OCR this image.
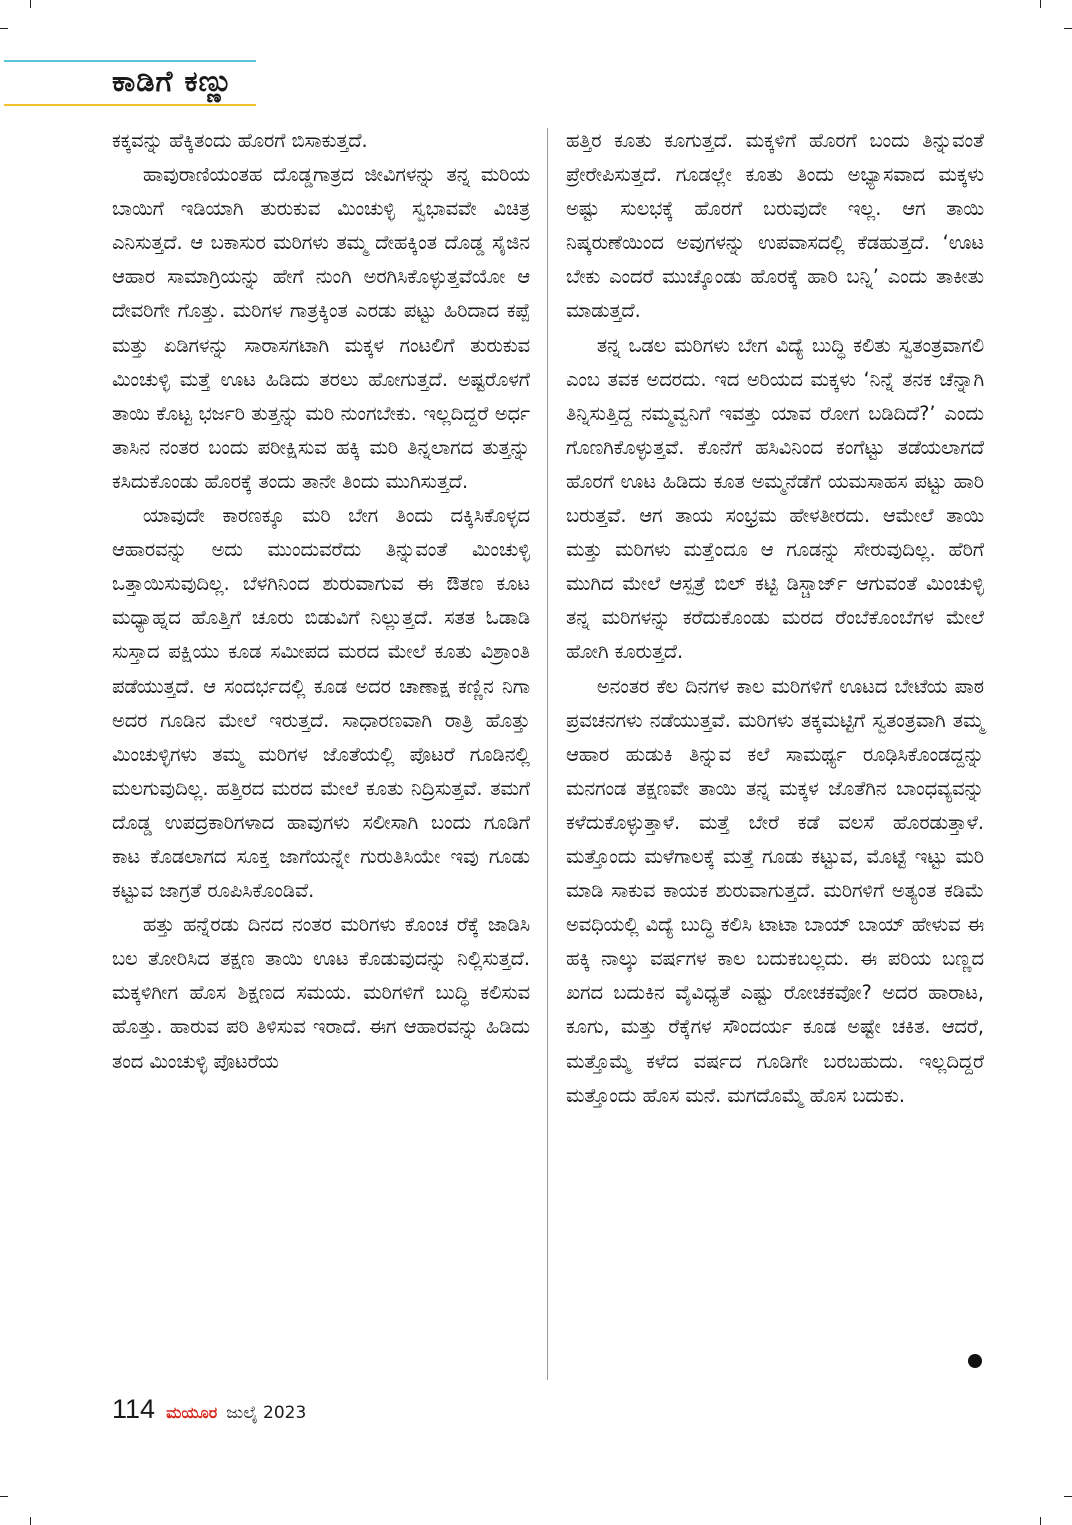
ಕಾಡಿಗೆ ಕಣ್ಣು

ಕಕ್ಕವನ್ನು ಹೆಕ್ಕಿತಂದು ಹೊರಗೆ ಬಿಸಾಕುತ್ತದೆ.

ಹಾವುರಾಣಿಯಂತಹ ದೊಡ್ಡಗಾತ್ರದ ಜೀವಿಗಳನ್ನು ತನ್ನ ಮರಿಯ ಬಾಯಿಗೆ ಇಡಿಯಾಗಿ ತುರುಕುವ ಮಿಂಚುಳ್ಳಿ ಸ್ವಭಾವವೇ ವಿಚಿತ್ರ ಎನಿಸುತ್ತದೆ. ಆ ಬಕಾಸುರ ಮರಿಗಳು ತಮ್ಮ ದೇಹಕ್ಕಿಂತ ದೊಡ್ಡ ಸೈಜಿನ ಆಹಾರ ಸಾಮಾಗ್ರಿಯನ್ನು ಹೇಗೆ ನುಂಗಿ ಅರಗಿಸಿಕೊಳ್ಳುತ್ತವೆಯೋ ಆ ದೇವರಿಗೇ ಗೊತ್ತು. ಮರಿಗಳ ಗಾತ್ರಕ್ಕಿಂತ ಎರಡು ಪಟ್ಟು ಹಿರಿದಾದ ಕಪ್ಪೆ ಮತ್ತು ಏಡಿಗಳನ್ನು ಸಾರಾಸಗಟಾಗಿ ಮಕ್ಕಳ ಗಂಟಲಿಗೆ ತುರುಕುವ ಮಿಂಚುಳ್ಳಿ ಮತ್ತೆ ಊಟ ಹಿಡಿದು ತರಲು ಹೋಗುತ್ತದೆ. ಅಷ್ಟರೊಳಗೆ ತಾಯಿ ಕೊಟ್ಟ ಭರ್ಜರಿ ತುತ್ತನ್ನು ಮರಿ ನುಂಗಬೇಕು. ಇಲ್ಲದಿದ್ದರೆ ಅರ್ಧ ತಾಸಿನ ನಂತರ ಬಂದು ಪರೀಕ್ಷಿಸುವ ಹಕ್ಕಿ ಮರಿ ತಿನ್ನಲಾಗದ ತುತ್ತನ್ನು ಕಸಿದುಕೊಂಡು ಹೊರಕ್ಕೆ ತಂದು ತಾನೇ ತಿಂದು ಮುಗಿಸುತ್ತದೆ.

ಯಾವುದೇ ಕಾರಣಕ್ಕೂ ಮರಿ ಬೇಗ ತಿಂದು ದಕ್ಕಿಸಿಕೊಳ್ಳದ ಆಹಾರವನ್ನು ಅದು ಮುಂದುವರೆದು ತಿನ್ನುವಂತೆ ಮಿಂಚುಳ್ಳಿ ಒತ್ತಾಯಿಸುವುದಿಲ್ಲ. ಬೆಳಗಿನಿಂದ ಶುರುವಾಗುವ ಈ ಔತಣ ಕೂಟ ಮಧ್ಯಾಹ್ನದ ಹೊತ್ತಿಗೆ ಚೂರು ಬಿಡುವಿಗೆ ನಿಲ್ಲುತ್ತದೆ. ಸತತ ಓಡಾಡಿ ಸುಸ್ತಾದ ಪಕ್ಷಿಯು ಕೂಡ ಸಮೀಪದ ಮರದ ಮೇಲೆ ಕೂತು ವಿಶ್ರಾಂತಿ ಪಡೆಯುತ್ತದೆ. ಆ ಸಂದರ್ಭದಲ್ಲಿ ಕೂಡ ಅದರ ಚಾಣಾಕ್ಷ ಕಣ್ಣಿನ ನಿಗಾ ಅದರ ಗೂಡಿನ ಮೇಲೆ ಇರುತ್ತದೆ. ಸಾಧಾರಣವಾಗಿ ರಾತ್ರಿ ಹೊತ್ತು ಮಿಂಚುಳ್ಳಿಗಳು ತಮ್ಮ ಮರಿಗಳ ಜೊತೆಯಲ್ಲಿ ಪೊಟರೆ ಗೂಡಿನಲ್ಲಿ ಮಲಗುವುದಿಲ್ಲ. ಹತ್ತಿರದ ಮರದ ಮೇಲೆ ಕೂತು ನಿದ್ರಿಸುತ್ತವೆ. ತಮಗೆ ದೊಡ್ಡ ಉಪದ್ರಕಾರಿಗಳಾದ ಹಾವುಗಳು ಸಲೀಸಾಗಿ ಬಂದು ಗೂಡಿಗೆ ಕಾಟ ಕೊಡಲಾಗದ ಸೂಕ್ತ ಜಾಗೆಯನ್ನೇ ಗುರುತಿಸಿಯೇ ಇವು ಗೂಡು ಕಟ್ಟುವ ಜಾಗ್ರತೆ ರೂಪಿಸಿಕೊಂಡಿವೆ.

ಹತ್ತು ಹನ್ನೆರಡು ದಿನದ ನಂತರ ಮರಿಗಳು ಕೊಂಚ ರೆಕ್ಕೆ ಜಾಡಿಸಿ ಬಲ ತೋರಿಸಿದ ತಕ್ಷಣ ತಾಯಿ ಊಟ ಕೊಡುವುದನ್ನು ನಿಲ್ಲಿಸುತ್ತದೆ. ಮಕ್ಕಳಿಗೀಗ ಹೊಸ ಶಿಕ್ಷಣದ ಸಮಯ. ಮರಿಗಳಿಗೆ ಬುದ್ಧಿ ಕಲಿಸುವ ಹೊತ್ತು. ಹಾರುವ ಪರಿ ತಿಳಿಸುವ ಇರಾದೆ. ಈಗ ಆಹಾರವನ್ನು ಹಿಡಿದು ತಂದ ಮಿಂಚುಳ್ಳಿ ಪೊಟರೆಯ

ಹತ್ತಿರ ಕೂತು ಕೂಗುತ್ತದೆ. ಮಕ್ಕಳಿಗೆ ಹೊರಗೆ ಬಂದು ತಿನ್ನುವಂತೆ ಪ್ರೇರೇಪಿಸುತ್ತದೆ. ಗೂಡಲ್ಲೇ ಕೂತು ತಿಂದು ಅಭ್ಯಾಸವಾದ ಮಕ್ಕಳು ಅಷ್ಟು ಸುಲಭಕ್ಕೆ ಹೊರಗೆ ಬರುವುದೇ ಇಲ್ಲ. ಆಗ ತಾಯಿ ನಿಷ್ಕರುಣೆಯಿಂದ ಅವುಗಳನ್ನು ಉಪವಾಸದಲ್ಲಿ ಕೆಡಹುತ್ತದೆ. ‘ಊಟ ಬೇಕು ಎಂದರೆ ಮುಚ್ಕೊಂಡು ಹೊರಕ್ಕೆ ಹಾರಿ ಬನ್ನಿ’ ಎಂದು ತಾಕೀತು ಮಾಡುತ್ತದೆ.

ತನ್ನ ಒಡಲ ಮರಿಗಳು ಬೇಗ ವಿದ್ಯೆ ಬುದ್ಧಿ ಕಲಿತು ಸ್ವತಂತ್ರವಾಗಲಿ ಎಂಬ ತವಕ ಅದರದು. ಇದ ಅರಿಯದ ಮಕ್ಕಳು ‘ನಿನ್ನೆ ತನಕ ಚೆನ್ನಾಗಿ ತಿನ್ನಿಸುತ್ತಿದ್ದ ನಮ್ಮವ್ವನಿಗೆ ಇವತ್ತು ಯಾವ ರೋಗ ಬಡಿದಿದೆ?’ ಎಂದು ಗೊಣಗಿಕೊಳ್ಳುತ್ತವೆ. ಕೊನೆಗೆ ಹಸಿವಿನಿಂದ ಕಂಗೆಟ್ಟು ತಡೆಯಲಾಗದೆ ಹೊರಗೆ ಊಟ ಹಿಡಿದು ಕೂತ ಅಮ್ಮನೆಡೆಗೆ ಯಮಸಾಹಸ ಪಟ್ಟು ಹಾರಿ ಬರುತ್ತವೆ. ಆಗ ತಾಯ ಸಂಭ್ರಮ ಹೇಳತೀರದು. ಆಮೇಲೆ ತಾಯಿ ಮತ್ತು ಮರಿಗಳು ಮತ್ತೆಂದೂ ಆ ಗೂಡನ್ನು ಸೇರುವುದಿಲ್ಲ. ಹೆರಿಗೆ ಮುಗಿದ ಮೇಲೆ ಆಸ್ಪತ್ರೆ ಬಿಲ್ ಕಟ್ಟಿ ಡಿಸ್ಚಾರ್ಜ್ ಆಗುವಂತೆ ಮಿಂಚುಳ್ಳಿ ತನ್ನ ಮರಿಗಳನ್ನು ಕರೆದುಕೊಂಡು ಮರದ ರೆಂಬೆಕೊಂಬೆಗಳ ಮೇಲೆ ಹೋಗಿ ಕೂರುತ್ತದೆ.

ಅನಂತರ ಕೆಲ ದಿನಗಳ ಕಾಲ ಮರಿಗಳಿಗೆ ಊಟದ ಬೇಟೆಯ ಪಾಠ ಪ್ರವಚನಗಳು ನಡೆಯುತ್ತವೆ. ಮರಿಗಳು ತಕ್ಕಮಟ್ಟಿಗೆ ಸ್ವತಂತ್ರವಾಗಿ ತಮ್ಮ ಆಹಾರ ಹುಡುಕಿ ತಿನ್ನುವ ಕಲೆ ಸಾಮರ್ಥ್ಯ ರೂಢಿಸಿಕೊಂಡದ್ದನ್ನು ಮನಗಂಡ ತಕ್ಷಣವೇ ತಾಯಿ ತನ್ನ ಮಕ್ಕಳ ಜೊತೆಗಿನ ಬಾಂಧವ್ಯವನ್ನು ಕಳೆದುಕೊಳ್ಳುತ್ತಾಳೆ. ಮತ್ತೆ ಬೇರೆ ಕಡೆ ವಲಸೆ ಹೊರಡುತ್ತಾಳೆ. ಮತ್ತೊಂದು ಮಳೆಗಾಲಕ್ಕೆ ಮತ್ತೆ ಗೂಡು ಕಟ್ಟುವ, ಮೊಟ್ಟೆ ಇಟ್ಟು ಮರಿ ಮಾಡಿ ಸಾಕುವ ಕಾಯಕ ಶುರುವಾಗುತ್ತದೆ. ಮರಿಗಳಿಗೆ ಅತ್ಯಂತ ಕಡಿಮೆ ಅವಧಿಯಲ್ಲಿ ವಿದ್ಯೆ ಬುದ್ಧಿ ಕಲಿಸಿ ಟಾಟಾ ಬಾಯ್ ಬಾಯ್ ಹೇಳುವ ಈ ಹಕ್ಕಿ ನಾಲ್ಕು ವರ್ಷಗಳ ಕಾಲ ಬದುಕಬಲ್ಲದು. ಈ ಪರಿಯ ಬಣ್ಣದ ಖಗದ ಬದುಕಿನ ವೈವಿಧ್ಯತೆ ಎಷ್ಟು ರೋಚಕವೋ? ಅದರ ಹಾರಾಟ, ಕೂಗು, ಮತ್ತು ರೆಕ್ಕೆಗಳ ಸೌಂದರ್ಯ ಕೂಡ ಅಷ್ಟೇ ಚಕಿತ. ಆದರೆ, ಮತ್ತೊಮ್ಮೆ ಕಳೆದ ವರ್ಷದ ಗೂಡಿಗೇ ಬರಬಹುದು. ಇಲ್ಲದಿದ್ದರೆ ಮತ್ತೊಂದು ಹೊಸ ಮನೆ. ಮಗದೊಮ್ಮೆ ಹೊಸ ಬದುಕು.

114 ಮಯೂರ ಜುಲೈ 2023
